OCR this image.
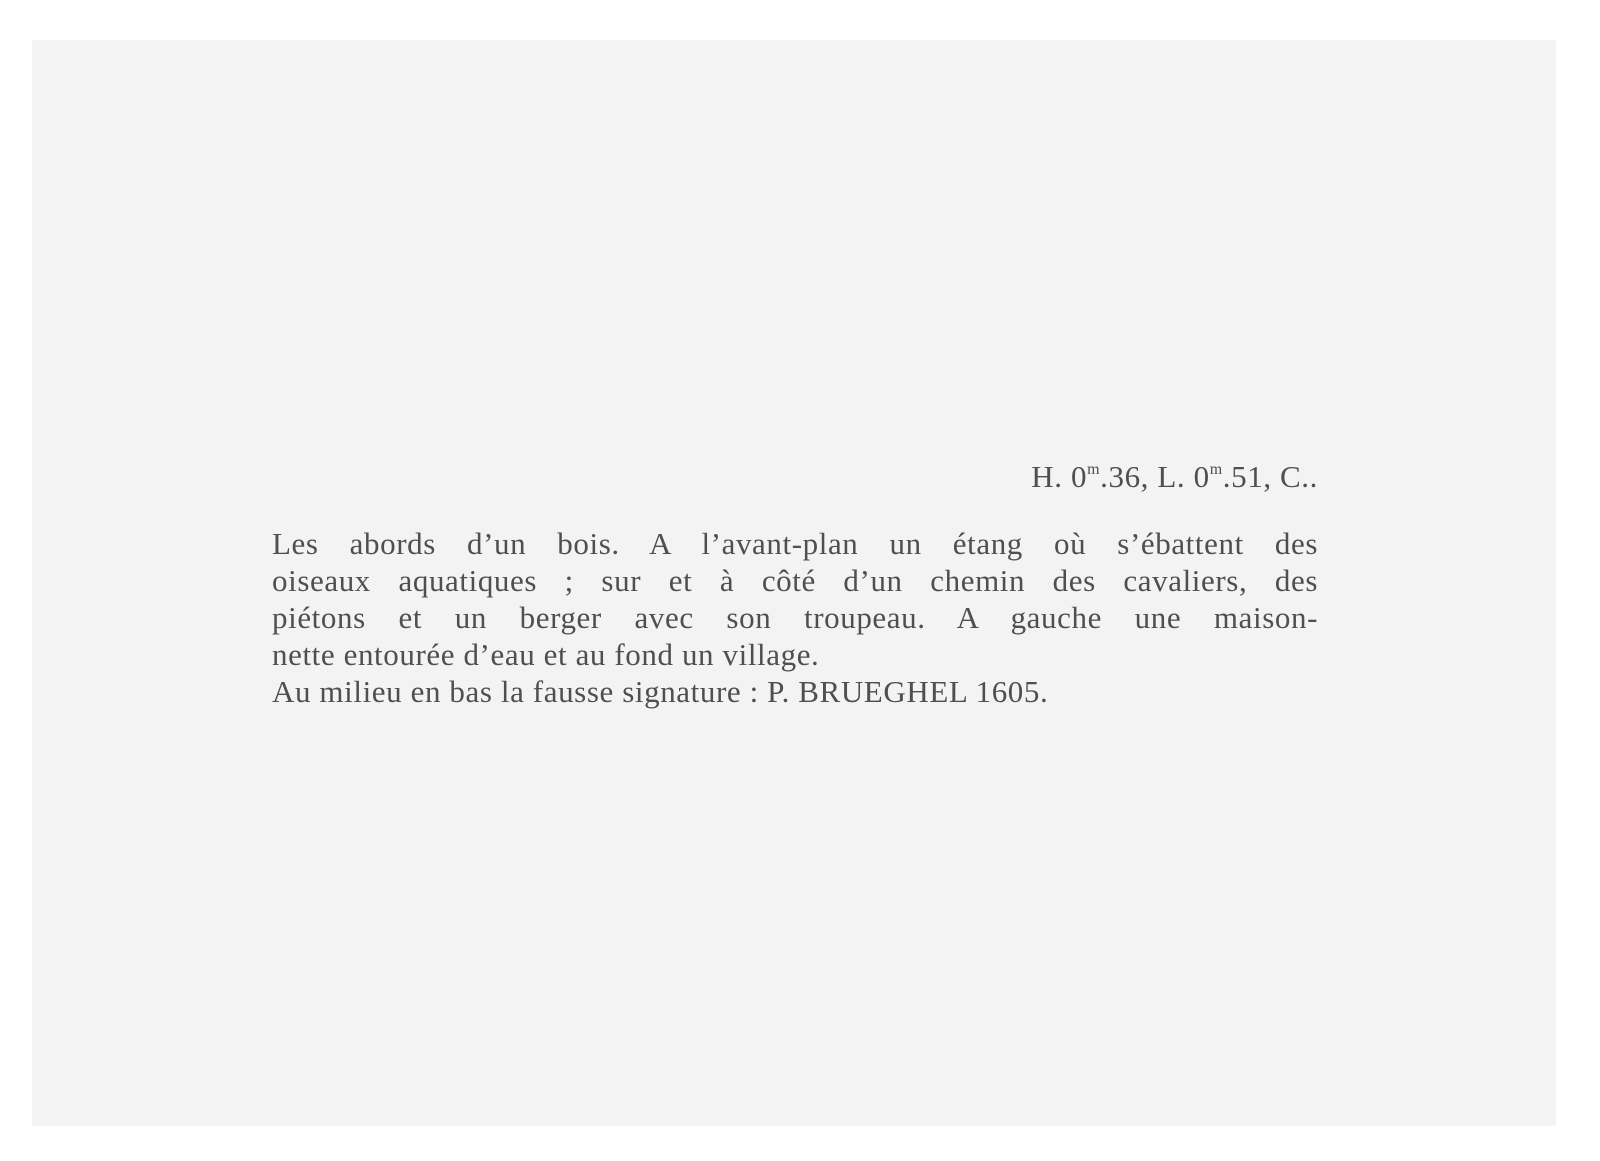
H. 0$^m$.36, L. 0$^m$.51, C..
Les abords d’un bois. A l’avant-plan un étang où s’ébattent des
oiseaux aquatiques ; sur et à côté d’un chemin des cavaliers, des
piétons et un berger avec son troupeau. A gauche une maison-
nette entourée d’eau et au fond un village.
Au milieu en bas la fausse signature : P. BRUEGHEL 1605.
